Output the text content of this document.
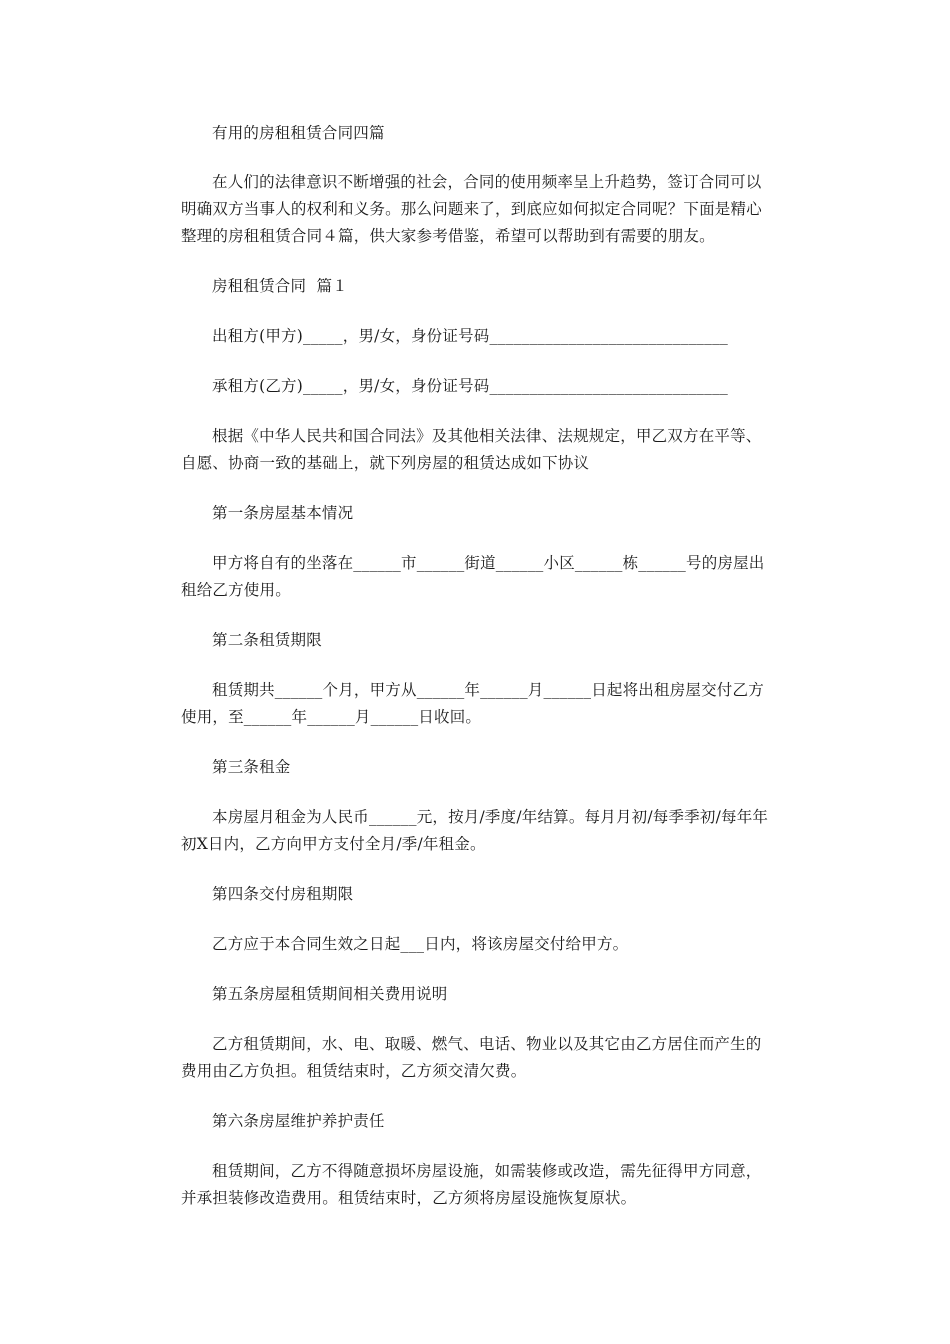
有用的房租租赁合同四篇

在人们的法律意识不断增强的社会，合同的使用频率呈上升趋势，签订合同可以明确双方当事人的权利和义务。那么问题来了，到底应如何拟定合同呢？下面是精心整理的房租租赁合同４篇，供大家参考借鉴，希望可以帮助到有需要的朋友。

房租租赁合同  篇１

出租方(甲方)_____，男/女，身份证号码______________________________

承租方(乙方)_____，男/女，身份证号码______________________________

根据《中华人民共和国合同法》及其他相关法律、法规规定，甲乙双方在平等、自愿、协商一致的基础上，就下列房屋的租赁达成如下协议

第一条房屋基本情况

甲方将自有的坐落在______市______街道______小区______栋______号的房屋出租给乙方使用。

第二条租赁期限

租赁期共______个月，甲方从______年______月______日起将出租房屋交付乙方使用，至______年______月______日收回。

第三条租金

本房屋月租金为人民币______元，按月/季度/年结算。每月月初/每季季初/每年年初X日内，乙方向甲方支付全月/季/年租金。

第四条交付房租期限

乙方应于本合同生效之日起___日内，将该房屋交付给甲方。

第五条房屋租赁期间相关费用说明

乙方租赁期间，水、电、取暖、燃气、电话、物业以及其它由乙方居住而产生的费用由乙方负担。租赁结束时，乙方须交清欠费。

第六条房屋维护养护责任

租赁期间，乙方不得随意损坏房屋设施，如需装修或改造，需先征得甲方同意，并承担装修改造费用。租赁结束时，乙方须将房屋设施恢复原状。
